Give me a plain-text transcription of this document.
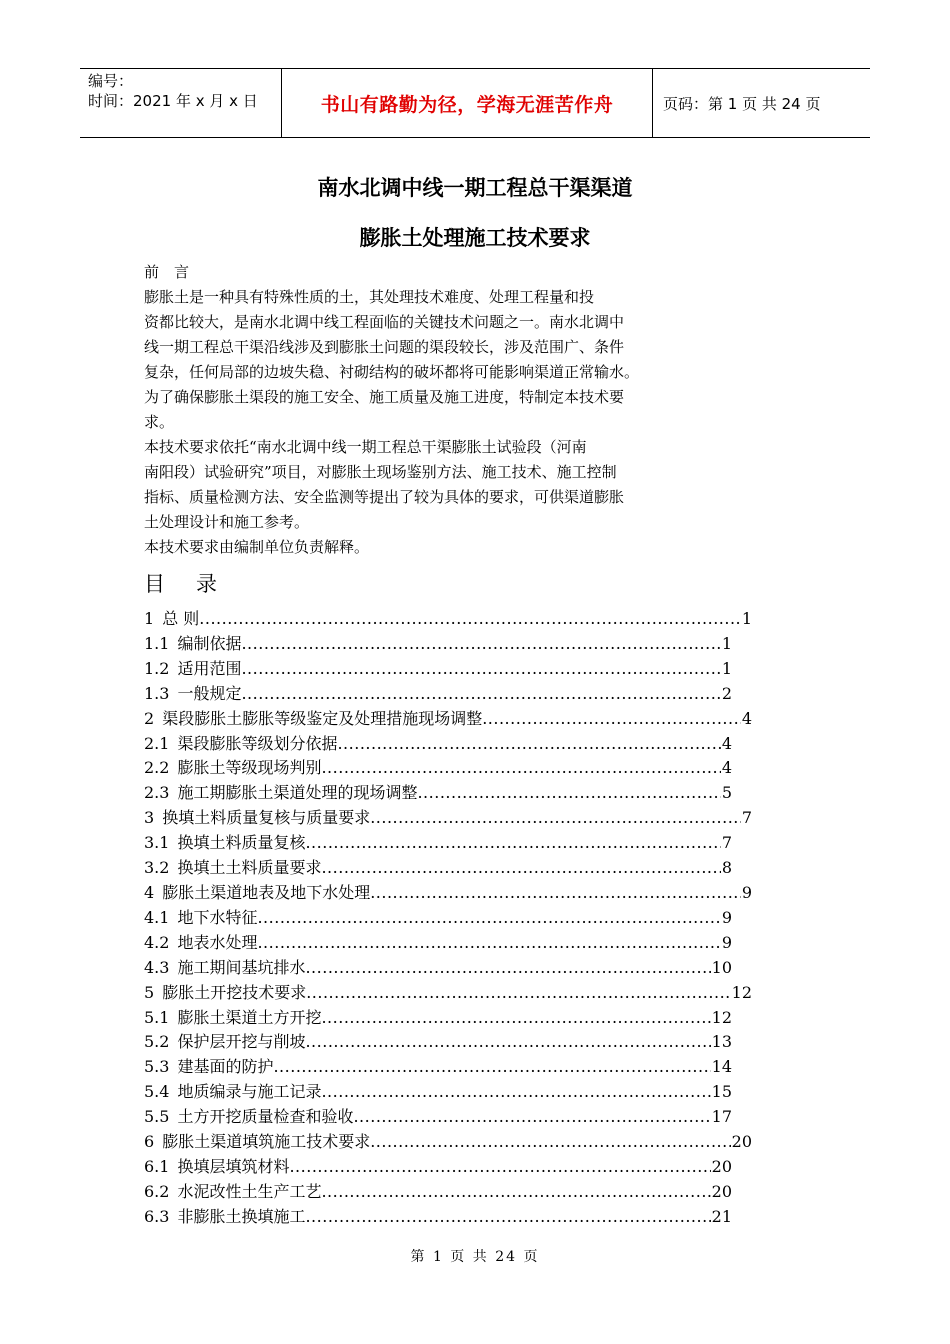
编号：
时间：2021 年 x 月 x 日	书山有路勤为径，学海无涯苦作舟	页码：第 1 页 共 24 页
南水北调中线一期工程总干渠渠道
膨胀土处理施工技术要求
前　言
膨胀土是一种具有特殊性质的土，其处理技术难度、处理工程量和投
资都比较大，是南水北调中线工程面临的关键技术问题之一。南水北调中
线一期工程总干渠沿线涉及到膨胀土问题的渠段较长，涉及范围广、条件
复杂，任何局部的边坡失稳、衬砌结构的破坏都将可能影响渠道正常输水。
为了确保膨胀土渠段的施工安全、施工质量及施工进度，特制定本技术要
求。
本技术要求依托“南水北调中线一期工程总干渠膨胀土试验段（河南
南阳段）试验研究”项目，对膨胀土现场鉴别方法、施工技术、施工控制
指标、质量检测方法、安全监测等提出了较为具体的要求，可供渠道膨胀
土处理设计和施工参考。
本技术要求由编制单位负责解释。
目 录
1 总 则 .....	1
1.1 编制依据 .....	1
1.2 适用范围 .....	1
1.3 一般规定 .....	2
2 渠段膨胀土膨胀等级鉴定及处理措施现场调整 .....	4
2.1 渠段膨胀等级划分依据 .....	4
2.2 膨胀土等级现场判别 .....	4
2.3 施工期膨胀土渠道处理的现场调整 .....	5
3 换填土料质量复核与质量要求 .....	7
3.1 换填土料质量复核 .....	7
3.2 换填土土料质量要求 .....	8
4 膨胀土渠道地表及地下水处理 .....	9
4.1 地下水特征 .....	9
4.2 地表水处理 .....	9
4.3 施工期间基坑排水 .....	10
5 膨胀土开挖技术要求 .....	12
5.1 膨胀土渠道土方开挖 .....	12
5.2 保护层开挖与削坡 .....	13
5.3 建基面的防护 .....	14
5.4 地质编录与施工记录 .....	15
5.5 土方开挖质量检查和验收 .....	17
6 膨胀土渠道填筑施工技术要求 .....	20
6.1 换填层填筑材料 .....	20
6.2 水泥改性土生产工艺 .....	20
6.3 非膨胀土换填施工 .....	21
第 1 页 共 24 页
